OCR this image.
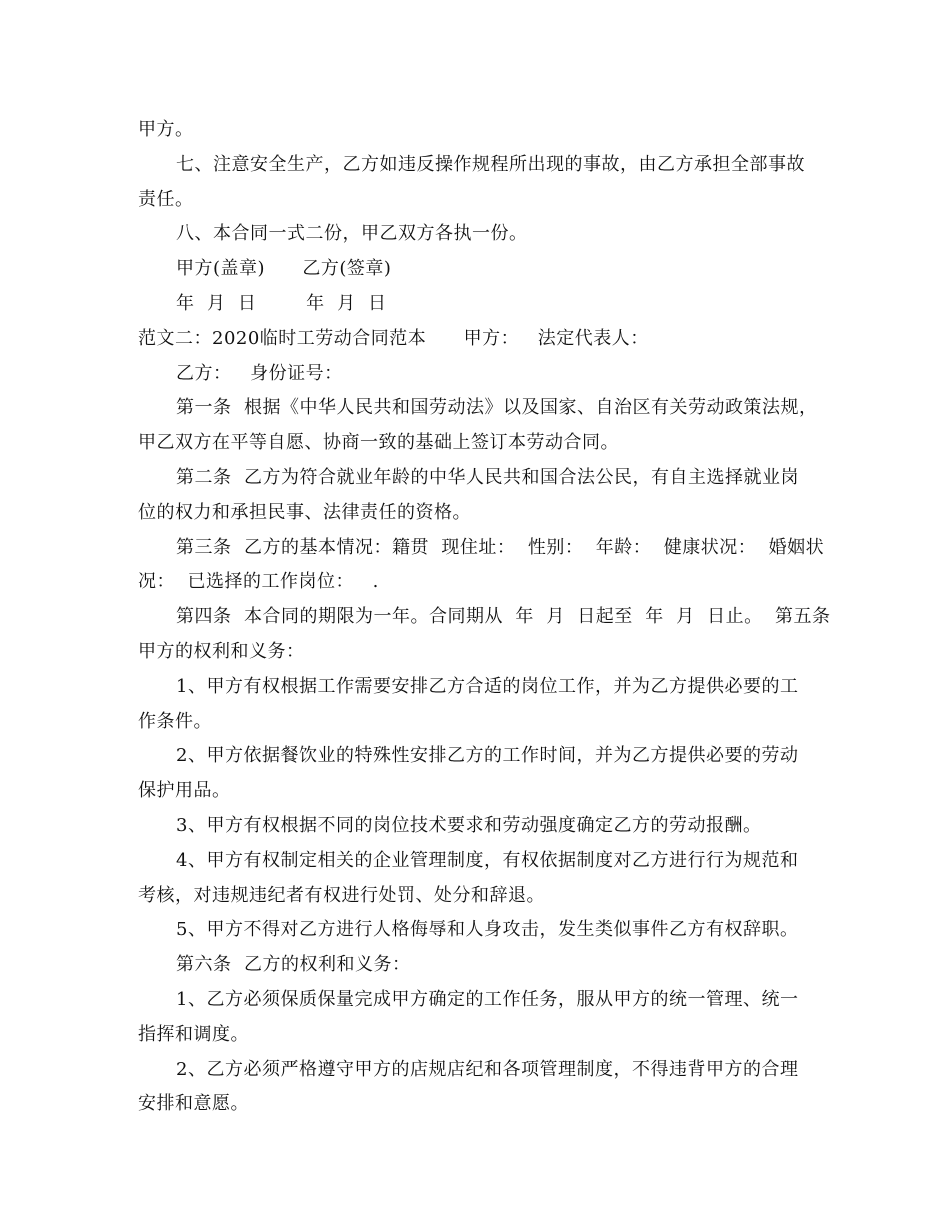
甲方。
七、注意安全生产，乙方如违反操作规程所出现的事故，由乙方承担全部事故
责任。
八、本合同一式二份，甲乙双方各执一份。
甲方(盖章)      乙方(签章)
年  月  日        年  月  日
范文二：2020临时工劳动合同范本      甲方：   法定代表人：
乙方：   身份证号：
第一条  根据《中华人民共和国劳动法》以及国家、自治区有关劳动政策法规，
甲乙双方在平等自愿、协商一致的基础上签订本劳动合同。
第二条  乙方为符合就业年龄的中华人民共和国合法公民，有自主选择就业岗
位的权力和承担民事、法律责任的资格。
第三条  乙方的基本情况：籍贯  现住址：  性别：  年龄：  健康状况：  婚姻状
况：  已选择的工作岗位：   .
第四条  本合同的期限为一年。合同期从  年  月  日起至  年  月  日止。  第五条
甲方的权利和义务：
1、甲方有权根据工作需要安排乙方合适的岗位工作，并为乙方提供必要的工
作条件。
2、甲方依据餐饮业的特殊性安排乙方的工作时间，并为乙方提供必要的劳动
保护用品。
3、甲方有权根据不同的岗位技术要求和劳动强度确定乙方的劳动报酬。
4、甲方有权制定相关的企业管理制度，有权依据制度对乙方进行行为规范和
考核，对违规违纪者有权进行处罚、处分和辞退。
5、甲方不得对乙方进行人格侮辱和人身攻击，发生类似事件乙方有权辞职。
第六条  乙方的权利和义务：
1、乙方必须保质保量完成甲方确定的工作任务，服从甲方的统一管理、统一
指挥和调度。
2、乙方必须严格遵守甲方的店规店纪和各项管理制度，不得违背甲方的合理
安排和意愿。
